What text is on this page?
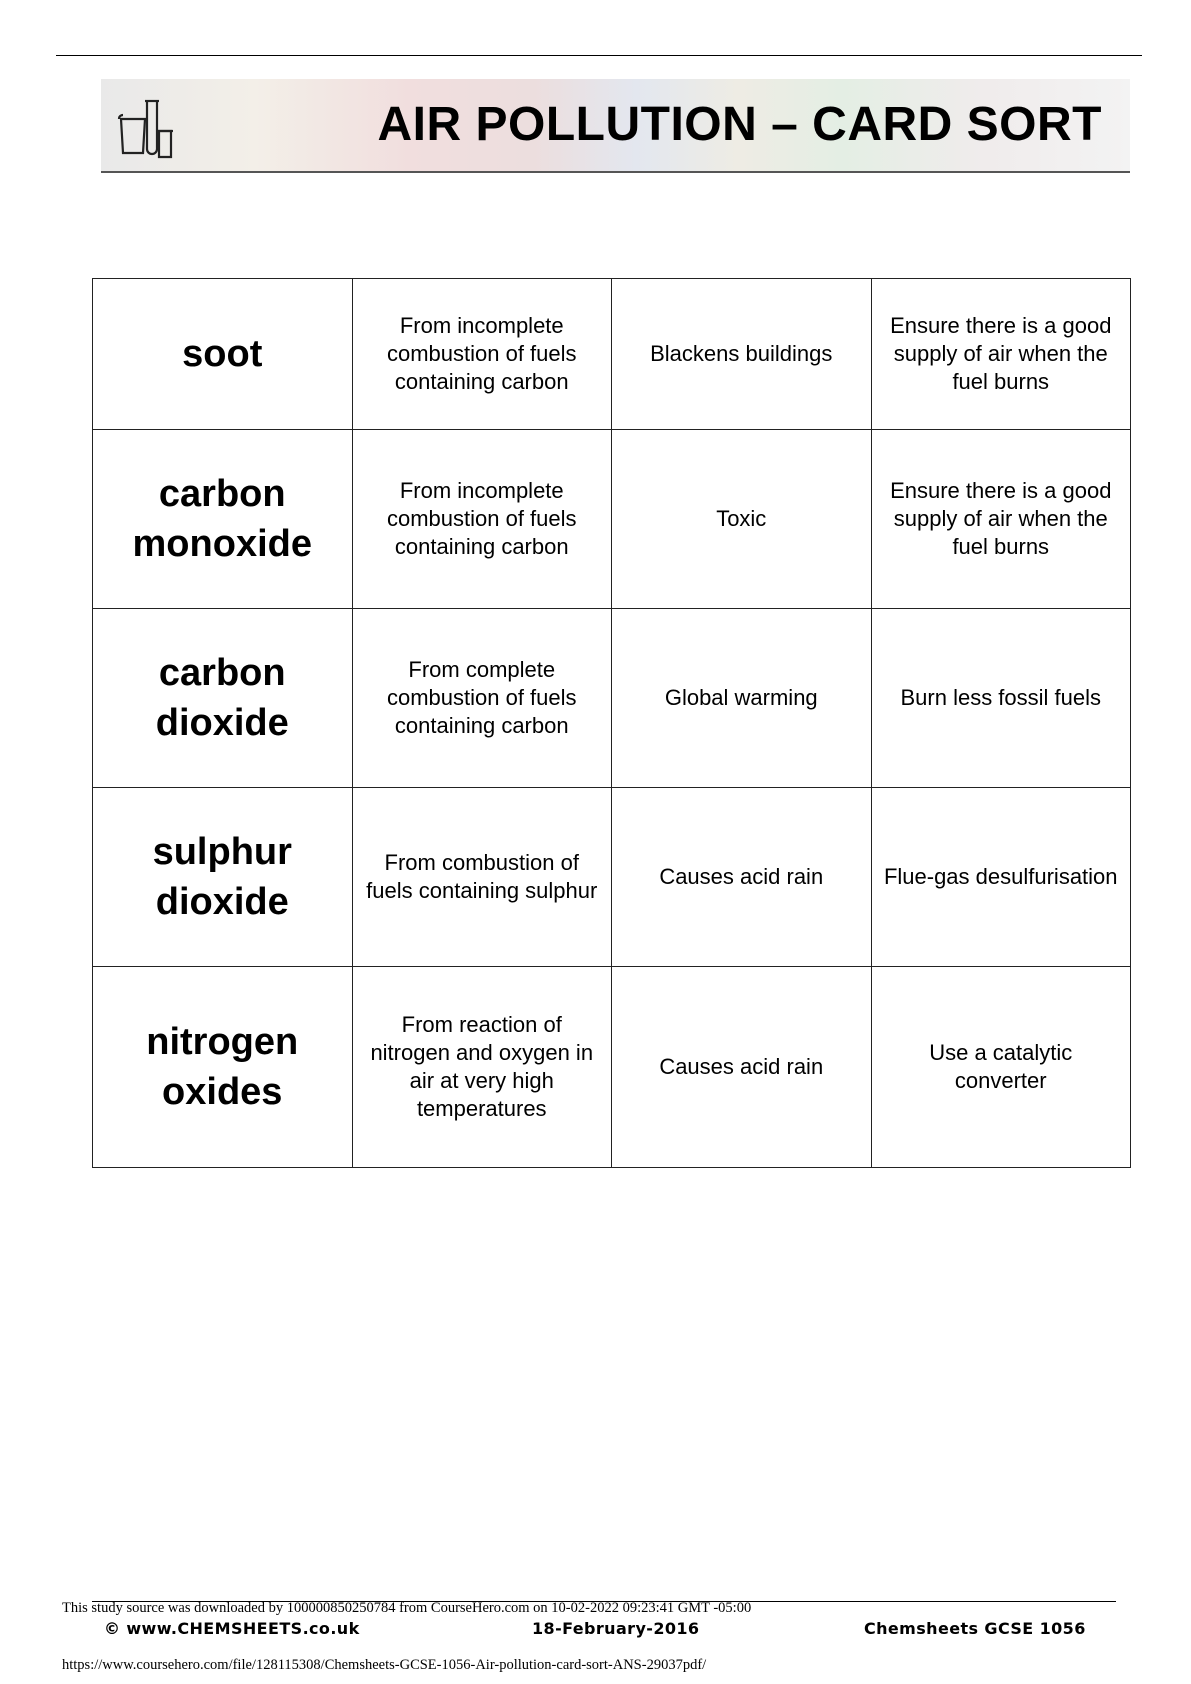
AIR POLLUTION – CARD SORT
soot	From incomplete combustion of fuels containing carbon	Blackens buildings	Ensure there is a good supply of air when the fuel burns
carbon monoxide	From incomplete combustion of fuels containing carbon	Toxic	Ensure there is a good supply of air when the fuel burns
carbon dioxide	From complete combustion of fuels containing carbon	Global warming	Burn less fossil fuels
sulphur dioxide	From combustion of fuels containing sulphur	Causes acid rain	Flue-gas desulfurisation
nitrogen oxides	From reaction of nitrogen and oxygen in air at very high temperatures	Causes acid rain	Use a catalytic converter
This study source was downloaded by 100000850250784 from CourseHero.com on 10-02-2022 09:23:41 GMT -05:00
© www.CHEMSHEETS.co.uk	18-February-2016	Chemsheets GCSE 1056
https://www.coursehero.com/file/128115308/Chemsheets-GCSE-1056-Air-pollution-card-sort-ANS-29037pdf/
